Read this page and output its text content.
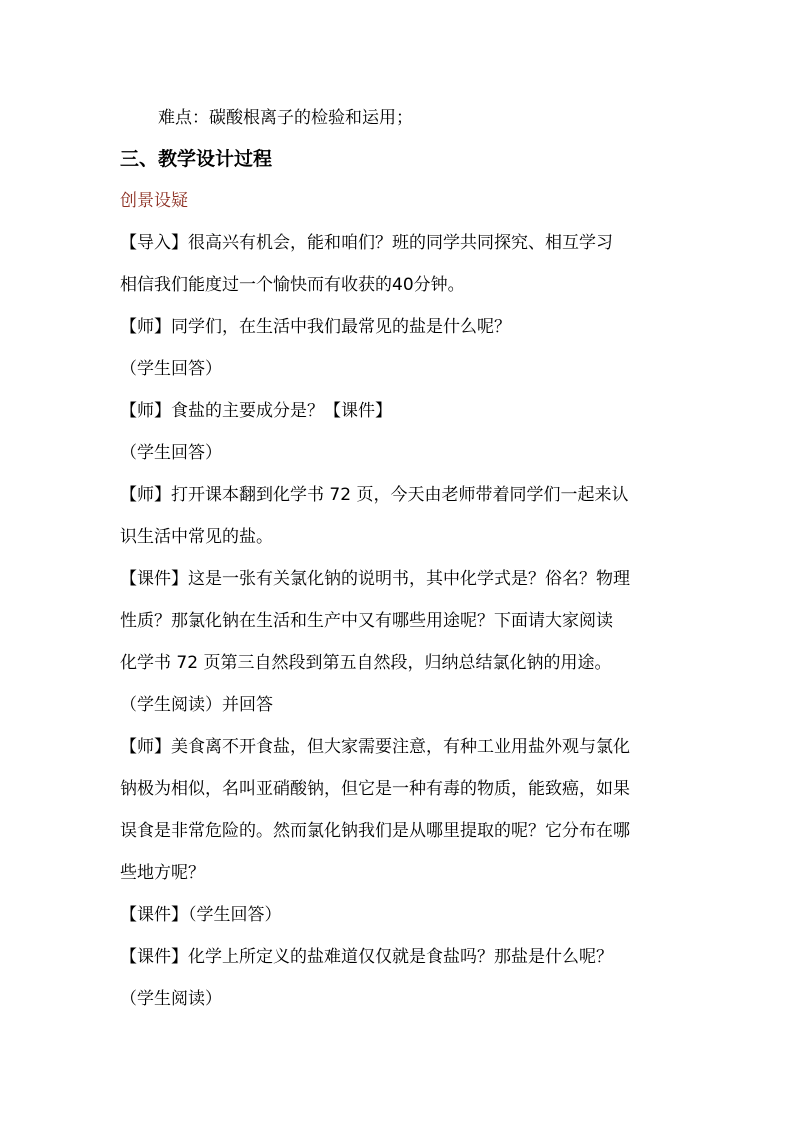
难点：碳酸根离子的检验和运用；
三、教学设计过程
创景设疑
【导入】很高兴有机会，能和咱们？班的同学共同探究、相互学习
相信我们能度过一个愉快而有收获的40分钟。
【师】同学们，在生活中我们最常见的盐是什么呢？
（学生回答）
【师】食盐的主要成分是？【课件】
（学生回答）
【师】打开课本翻到化学书 72 页，今天由老师带着同学们一起来认
识生活中常见的盐。
【课件】这是一张有关氯化钠的说明书，其中化学式是？俗名？物理
性质？那氯化钠在生活和生产中又有哪些用途呢？下面请大家阅读
化学书 72 页第三自然段到第五自然段，归纳总结氯化钠的用途。
（学生阅读）并回答
【师】美食离不开食盐，但大家需要注意，有种工业用盐外观与氯化
钠极为相似，名叫亚硝酸钠，但它是一种有毒的物质，能致癌，如果
误食是非常危险的。然而氯化钠我们是从哪里提取的呢？它分布在哪
些地方呢？
【课件】（学生回答）
【课件】化学上所定义的盐难道仅仅就是食盐吗？那盐是什么呢？
（学生阅读）
